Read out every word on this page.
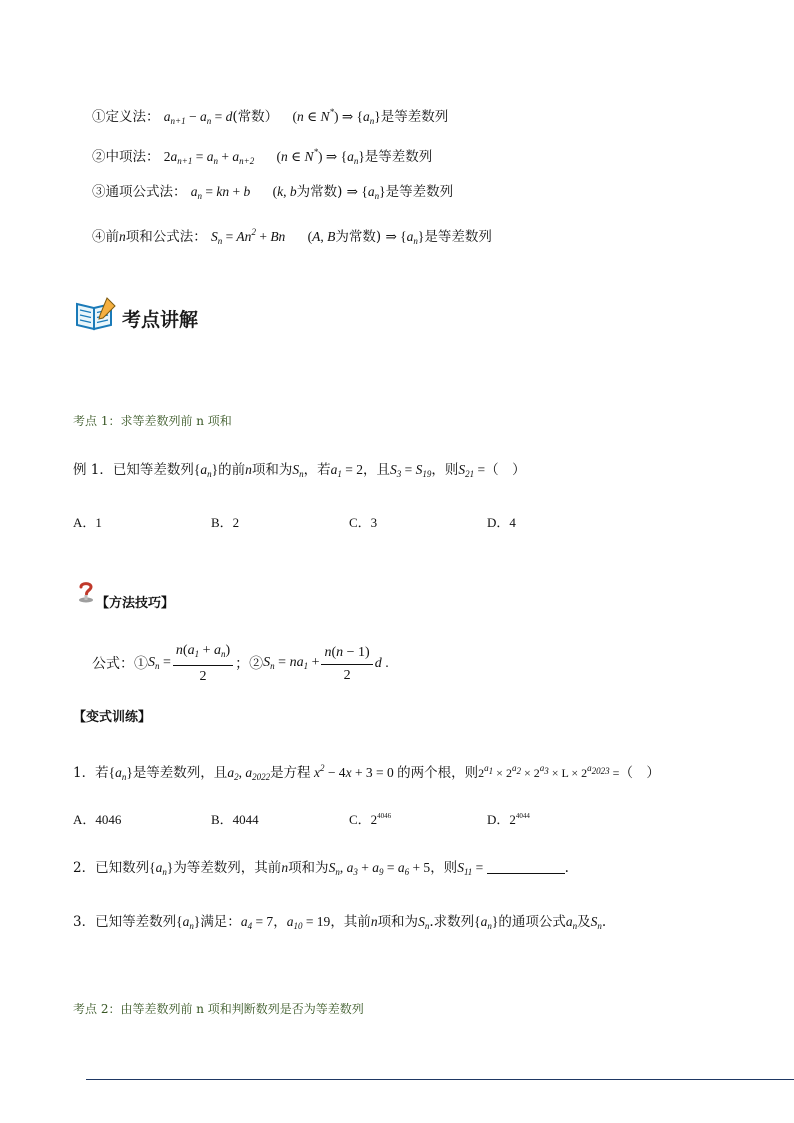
①定义法： $a_{n+1} - a_n = d$(常数） (n ∈ N*) ⇒ $\{a_n\}$是等差数列
②中项法： $2a_{n+1} = a_n + a_{n+2}$ (n ∈ N*) ⇒ $\{a_n\}$是等差数列
③通项公式法： $a_n$ = kn + b (k, b为常数) ⇒ $\{a_n\}$是等差数列
④前n项和公式法： $S_n = An^2 + Bn$ (A, B为常数) ⇒ $\{a_n\}$是等差数列
考点讲解
考点 1：求等差数列前 n 项和
例 1．已知等差数列$\{a_n\}$的前n项和为$S_n$，若$a_1 = 2$，且$S_3 = S_{19}$，则$S_{21}$ =（　）
A．1	B．2	C．3	D．4
【方法技巧】
公式：$①S_n = \frac{n(a_1 + a_n)}{2}$ ；$②S_n = na_1 + \frac{n(n - 1)}{2}$ d .
【变式训练】
1．若$\{a_n\}$是等差数列，且$a_2$, $a_{2022}$是方程 $x^2 - 4x + 3 = 0$ 的两个根，则$2^{a_1} \times 2^{a_2} \times 2^{a_3} \times L \times 2^{a_{2023}}$ =（　）
A．4046	B．4044	C．$2^{4046}$	D．$2^{4044}$
2．已知数列$\{a_n\}$为等差数列，其前n项和为$S_n$, $a_3 + a_9 = a_6 + 5$，则$S_{11}$ =	.
3．已知等差数列$\{a_n\}$满足：$a_4 = 7$，$a_{10} = 19$，其前n项和为$S_n$.求数列$\{a_n\}$的通项公式$a_n$及$S_n$.
考点 2：由等差数列前 n 项和判断数列是否为等差数列
